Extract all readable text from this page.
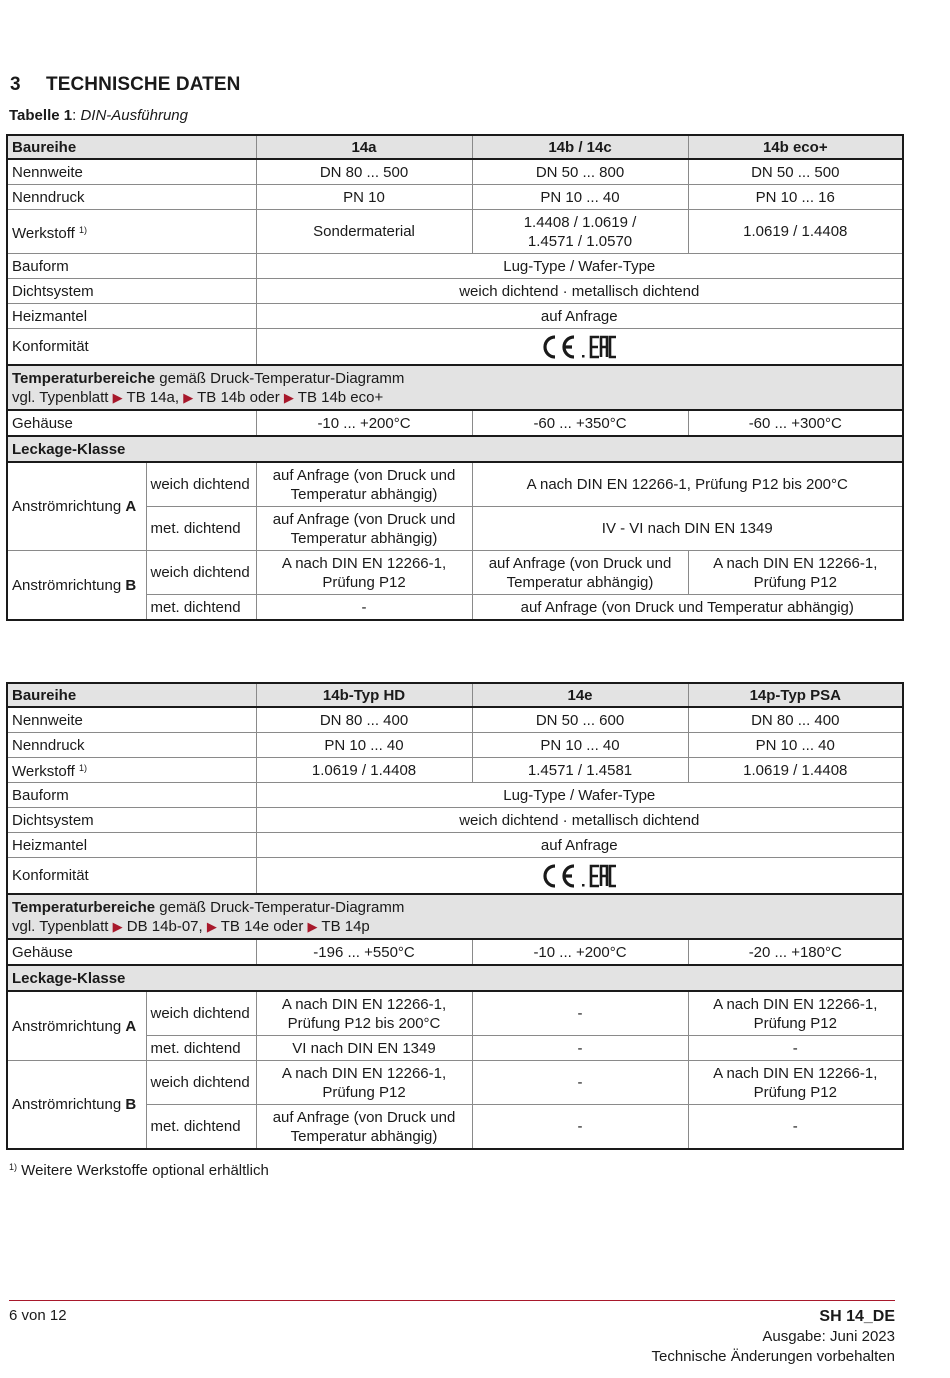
3 TECHNISCHE DATEN
Tabelle 1: DIN-Ausführung
Baureihe		14a	14b / 14c	14b eco+
Nennweite		DN 80 ... 500	DN 50 ... 800	DN 50 ... 500
Nenndruck		PN 10	PN 10 ... 40	PN 10 ... 16
Werkstoff $^{1)}$		Sondermaterial	1.4408 / 1.0619 / 1.4571 / 1.0570	1.0619 / 1.4408
Bauform		Lug-Type / Wafer-Type		
Dichtsystem		weich dichtend · metallisch dichtend		
Heizmantel		auf Anfrage		
Konformität	

Temperaturbereiche gemäß Druck-Temperatur-Diagramm
vgl. Typenblatt ▶ TB 14a, ▶ TB 14b oder ▶ TB 14b eco+				
Gehäuse		-10 ... +200°C	-60 ... +350°C	-60 ... +300°C
Leckage-Klasse				
Anströmrichtung A	weich dichtend	auf Anfrage (von Druck und Temperatur abhängig)	A nach DIN EN 12266-1, Prüfung P12 bis 200°C	
	met. dichtend	auf Anfrage (von Druck und Temperatur abhängig)	IV - VI nach DIN EN 1349	
Anströmrichtung B	weich dichtend	A nach DIN EN 12266-1, Prüfung P12	auf Anfrage (von Druck und Temperatur abhängig)	A nach DIN EN 12266-1, Prüfung P12
	met. dichtend	-	auf Anfrage (von Druck und Temperatur abhängig)	
Baureihe		14b-Typ HD	14e	14p-Typ PSA
Nennweite		DN 80 ... 400	DN 50 ... 600	DN 80 ... 400
Nenndruck		PN 10 ... 40	PN 10 ... 40	PN 10 ... 40
Werkstoff $^{1)}$		1.0619 / 1.4408	1.4571 / 1.4581	1.0619 / 1.4408
Bauform		Lug-Type / Wafer-Type		
Dichtsystem		weich dichtend · metallisch dichtend		
Heizmantel		auf Anfrage		
Konformität	

Temperaturbereiche gemäß Druck-Temperatur-Diagramm
vgl. Typenblatt ▶ DB 14b-07, ▶ TB 14e oder ▶ TB 14p				
Gehäuse		-196 ... +550°C	-10 ... +200°C	-20 ... +180°C
Leckage-Klasse				
Anströmrichtung A	weich dichtend	A nach DIN EN 12266-1, Prüfung P12 bis 200°C	-	A nach DIN EN 12266-1, Prüfung P12
	met. dichtend	VI nach DIN EN 1349	-	-
Anströmrichtung B	weich dichtend	A nach DIN EN 12266-1, Prüfung P12	-	A nach DIN EN 12266-1, Prüfung P12
	met. dichtend	auf Anfrage (von Druck und Temperatur abhängig)	-	-
$^{1)}$ Weitere Werkstoffe optional erhältlich
6 von 12	SH 14_DE
Ausgabe: Juni 2023
Technische Änderungen vorbehalten
